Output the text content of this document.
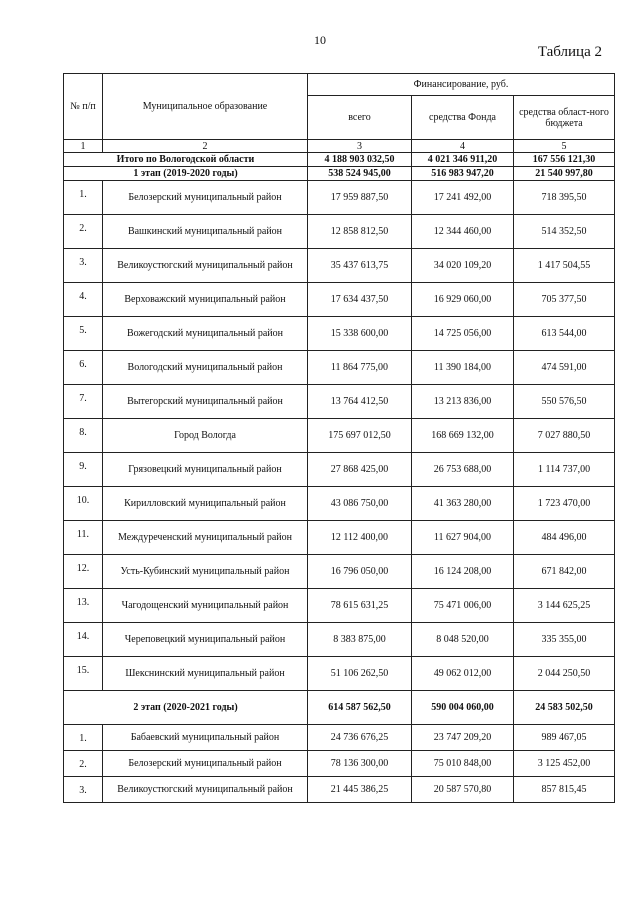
10
Таблица 2
№ п/п	Муниципальное образование	Финансирование, руб.		
		всего	средства Фонда	средства област-ного бюджета
1	2	3	4	5
Итого по Вологодской области		4 188 903 032,50	4 021 346 911,20	167 556 121,30
1 этап (2019-2020 годы)		538 524 945,00	516 983 947,20	21 540 997,80
1.	Белозерский муниципальный район	17 959 887,50	17 241 492,00	718 395,50
2.	Вашкинский муниципальный район	12 858 812,50	12 344 460,00	514 352,50
3.	Великоустюгский муниципальный район	35 437 613,75	34 020 109,20	1 417 504,55
4.	Верховажский муниципальный район	17 634 437,50	16 929 060,00	705 377,50
5.	Вожегодский муниципальный район	15 338 600,00	14 725 056,00	613 544,00
6.	Вологодский муниципальный район	11 864 775,00	11 390 184,00	474 591,00
7.	Вытегорский муниципальный район	13 764 412,50	13 213 836,00	550 576,50
8.	Город Вологда	175 697 012,50	168 669 132,00	7 027 880,50
9.	Грязовецкий муниципальный район	27 868 425,00	26 753 688,00	1 114 737,00
10.	Кирилловский муниципальный район	43 086 750,00	41 363 280,00	1 723 470,00
11.	Междуреченский муниципальный район	12 112 400,00	11 627 904,00	484 496,00
12.	Усть-Кубинский муниципальный район	16 796 050,00	16 124 208,00	671 842,00
13.	Чагодощенский муниципальный район	78 615 631,25	75 471 006,00	3 144 625,25
14.	Череповецкий муниципальный район	8 383 875,00	8 048 520,00	335 355,00
15.	Шекснинский муниципальный район	51 106 262,50	49 062 012,00	2 044 250,50
2 этап (2020-2021 годы)		614 587 562,50	590 004 060,00	24 583 502,50
1.	Бабаевский муниципальный район	24 736 676,25	23 747 209,20	989 467,05
2.	Белозерский муниципальный район	78 136 300,00	75 010 848,00	3 125 452,00
3.	Великоустюгский муниципальный район	21 445 386,25	20 587 570,80	857 815,45
